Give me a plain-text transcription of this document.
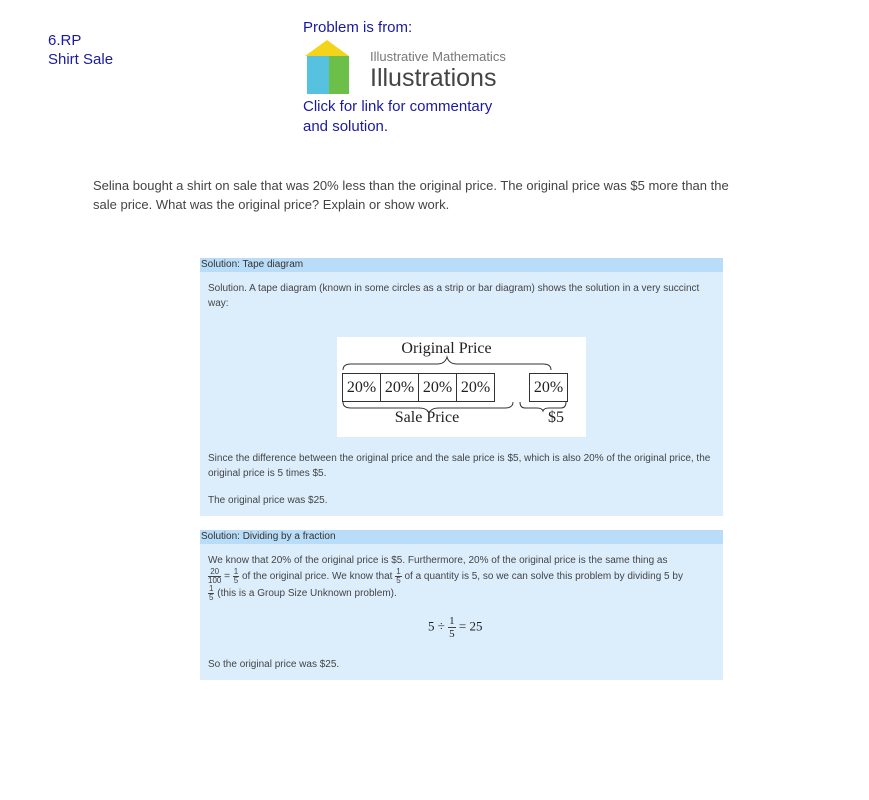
6.RP
Shirt Sale
Problem is from:
Illustrative Mathematics
Illustrations
Click for link for commentary
and solution.
Selina bought a shirt on sale that was 20% less than the original price. The original price was $5 more than the sale price. What was the original price? Explain or show work.
Solution: Tape diagram
Solution. A tape diagram (known in some circles as a strip or bar diagram) shows the solution in a very succinct way:
Original Price
20% 20% 20% 20%	20%
Sale Price	$5
Since the difference between the original price and the sale price is $5, which is also 20% of the original price, the original price is 5 times $5.
The original price was $25.
Solution: Dividing by a fraction
We know that 20% of the original price is $5. Furthermore, 20% of the original price is the same thing as

$\frac{20}{100} = \frac{1}{5}$ of the original price. We know that $\frac{1}{5}$ of a quantity is 5, so we can solve this problem by dividing 5 by

$\frac{1}{5}$ (this is a Group Size Unknown problem).
$5 \div \frac{1}{5} = 25$
So the original price was $25.
